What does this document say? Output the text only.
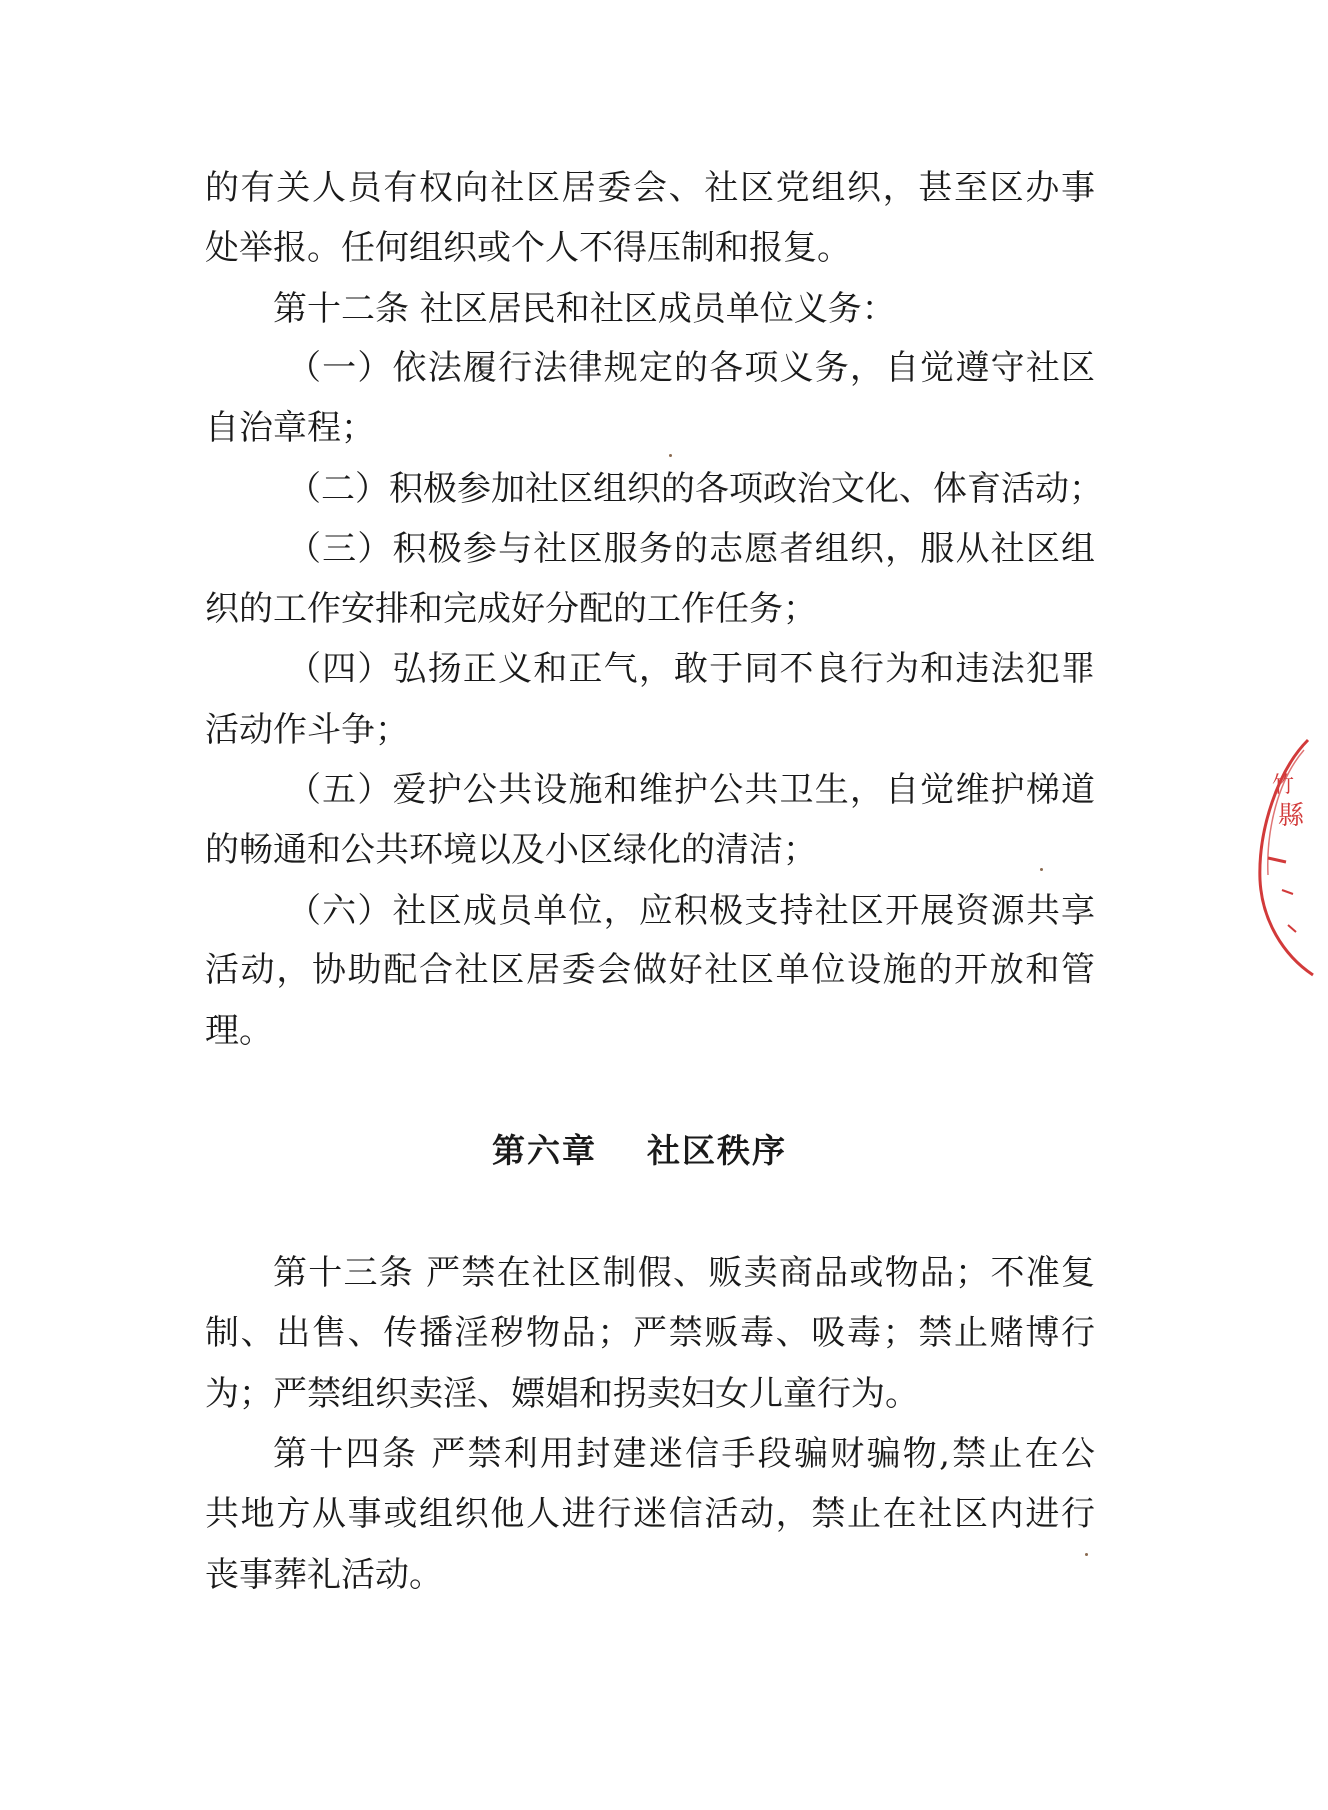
的有关人员有权向社区居委会、社区党组织，甚至区办事
处举报。任何组织或个人不得压制和报复。
第十二条 社区居民和社区成员单位义务：
（一）依法履行法律规定的各项义务，自觉遵守社区
自治章程；
（二）积极参加社区组织的各项政治文化、体育活动；
（三）积极参与社区服务的志愿者组织，服从社区组
织的工作安排和完成好分配的工作任务；
（四）弘扬正义和正气，敢于同不良行为和违法犯罪
活动作斗争；
（五）爱护公共设施和维护公共卫生，自觉维护梯道
的畅通和公共环境以及小区绿化的清洁；
（六）社区成员单位，应积极支持社区开展资源共享
活动，协助配合社区居委会做好社区单位设施的开放和管
理。
第六章 社区秩序
第十三条 严禁在社区制假、贩卖商品或物品；不准复
制、出售、传播淫秽物品；严禁贩毒、吸毒；禁止赌博行
为；严禁组织卖淫、嫖娼和拐卖妇女儿童行为。
第十四条 严禁利用封建迷信手段骗财骗物,禁止在公
共地方从事或组织他人进行迷信活动，禁止在社区内进行
丧事葬礼活动。
竹
縣
